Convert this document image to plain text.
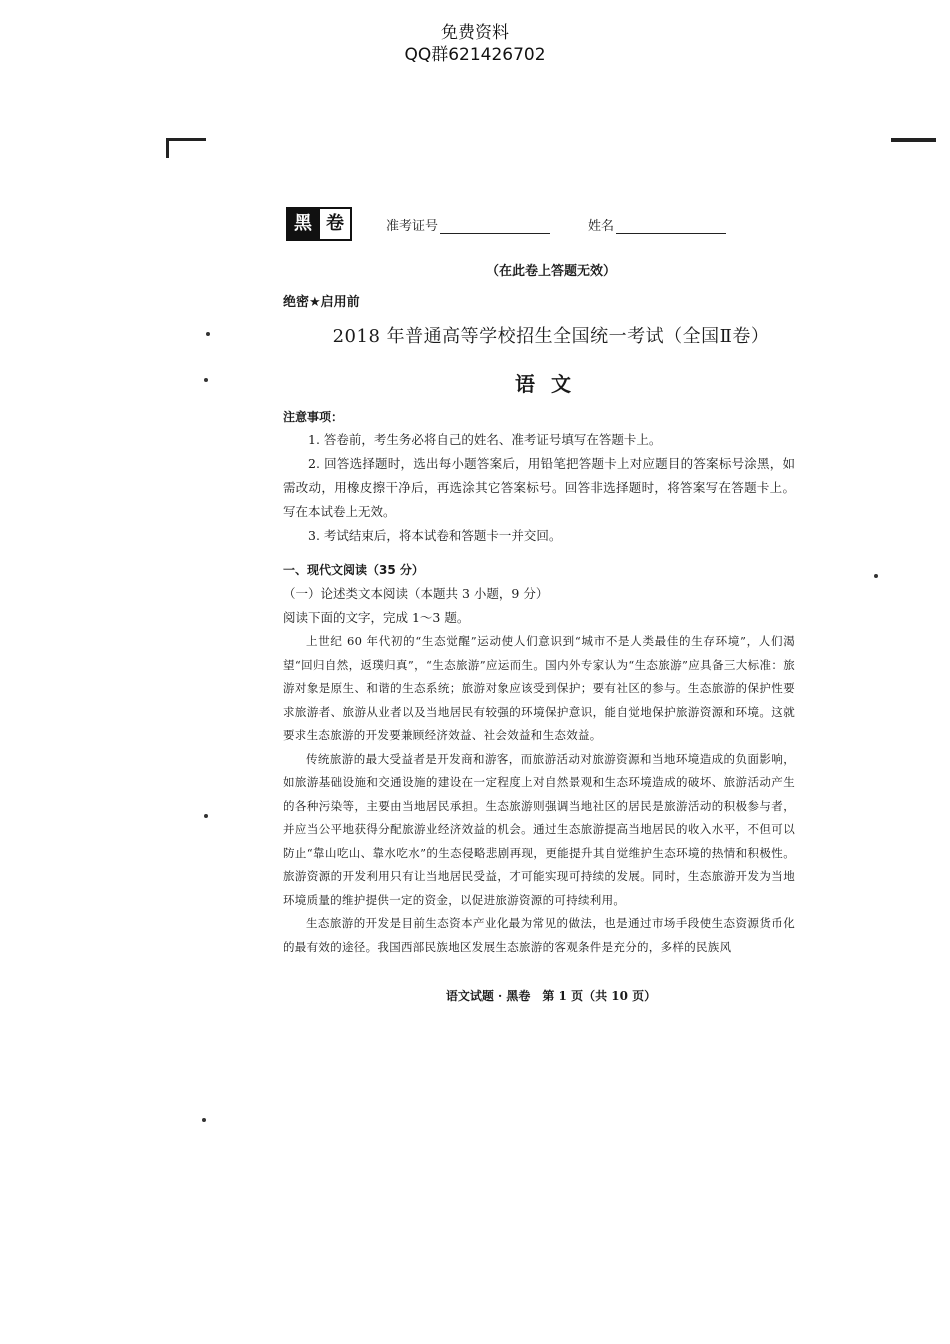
免费资料
QQ群621426702
黑 卷	准考证号	姓名
（在此卷上答题无效）
绝密★启用前
2018 年普通高等学校招生全国统一考试（全国Ⅱ卷）
语文
注意事项：

1. 答卷前，考生务必将自己的姓名、准考证号填写在答题卡上。

2. 回答选择题时，选出每小题答案后，用铅笔把答题卡上对应题目的答案标号涂黑，如需改动，用橡皮擦干净后，再选涂其它答案标号。回答非选择题时，将答案写在答题卡上。写在本试卷上无效。

3. 考试结束后，将本试卷和答题卡一并交回。

一、现代文阅读（35 分）

（一）论述类文本阅读（本题共 3 小题，9 分）

阅读下面的文字，完成 1～3 题。

上世纪 60 年代初的“生态觉醒”运动使人们意识到“城市不是人类最佳的生存环境”，人们渴望“回归自然，返璞归真”，“生态旅游”应运而生。国内外专家认为“生态旅游”应具备三大标准：旅游对象是原生、和谐的生态系统；旅游对象应该受到保护；要有社区的参与。生态旅游的保护性要求旅游者、旅游从业者以及当地居民有较强的环境保护意识，能自觉地保护旅游资源和环境。这就要求生态旅游的开发要兼顾经济效益、社会效益和生态效益。

传统旅游的最大受益者是开发商和游客，而旅游活动对旅游资源和当地环境造成的负面影响，如旅游基础设施和交通设施的建设在一定程度上对自然景观和生态环境造成的破坏、旅游活动产生的各种污染等，主要由当地居民承担。生态旅游则强调当地社区的居民是旅游活动的积极参与者，并应当公平地获得分配旅游业经济效益的机会。通过生态旅游提高当地居民的收入水平，不但可以防止“靠山吃山、靠水吃水”的生态侵略悲剧再现，更能提升其自觉维护生态环境的热情和积极性。旅游资源的开发利用只有让当地居民受益，才可能实现可持续的发展。同时，生态旅游开发为当地环境质量的维护提供一定的资金，以促进旅游资源的可持续利用。

生态旅游的开发是目前生态资本产业化最为常见的做法，也是通过市场手段使生态资源货币化的最有效的途径。我国西部民族地区发展生态旅游的客观条件是充分的，多样的民族风

语文试题 · 黑卷　第 1 页（共 10 页）
